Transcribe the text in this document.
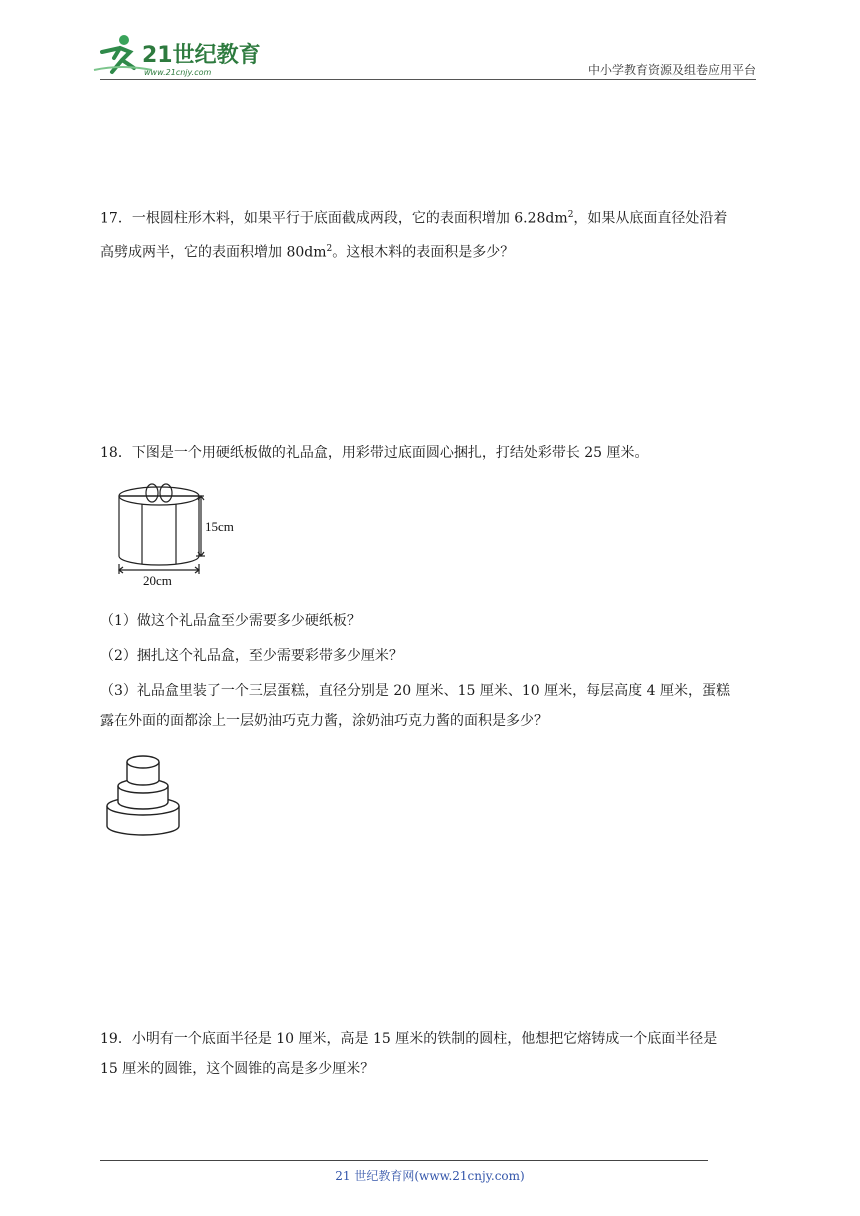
21世纪教育
www.21cnjy.com	中小学教育资源及组卷应用平台
17．一根圆柱形木料，如果平行于底面截成两段，它的表面积增加 $6.28dm^2$，如果从底面直径处沿着
高劈成两半，它的表面积增加 $80dm^2$。这根木料的表面积是多少？
18．下图是一个用硬纸板做的礼品盒，用彩带过底面圆心捆扎，打结处彩带长 25 厘米。
15cm
20cm
（1）做这个礼品盒至少需要多少硬纸板？
（2）捆扎这个礼品盒，至少需要彩带多少厘米？
（3）礼品盒里装了一个三层蛋糕，直径分别是 20 厘米、15 厘米、10 厘米，每层高度 4 厘米，蛋糕
露在外面的面都涂上一层奶油巧克力酱，涂奶油巧克力酱的面积是多少？
19．小明有一个底面半径是 10 厘米，高是 15 厘米的铁制的圆柱，他想把它熔铸成一个底面半径是
15 厘米的圆锥，这个圆锥的高是多少厘米？
21 世纪教育网(www.21cnjy.com)
